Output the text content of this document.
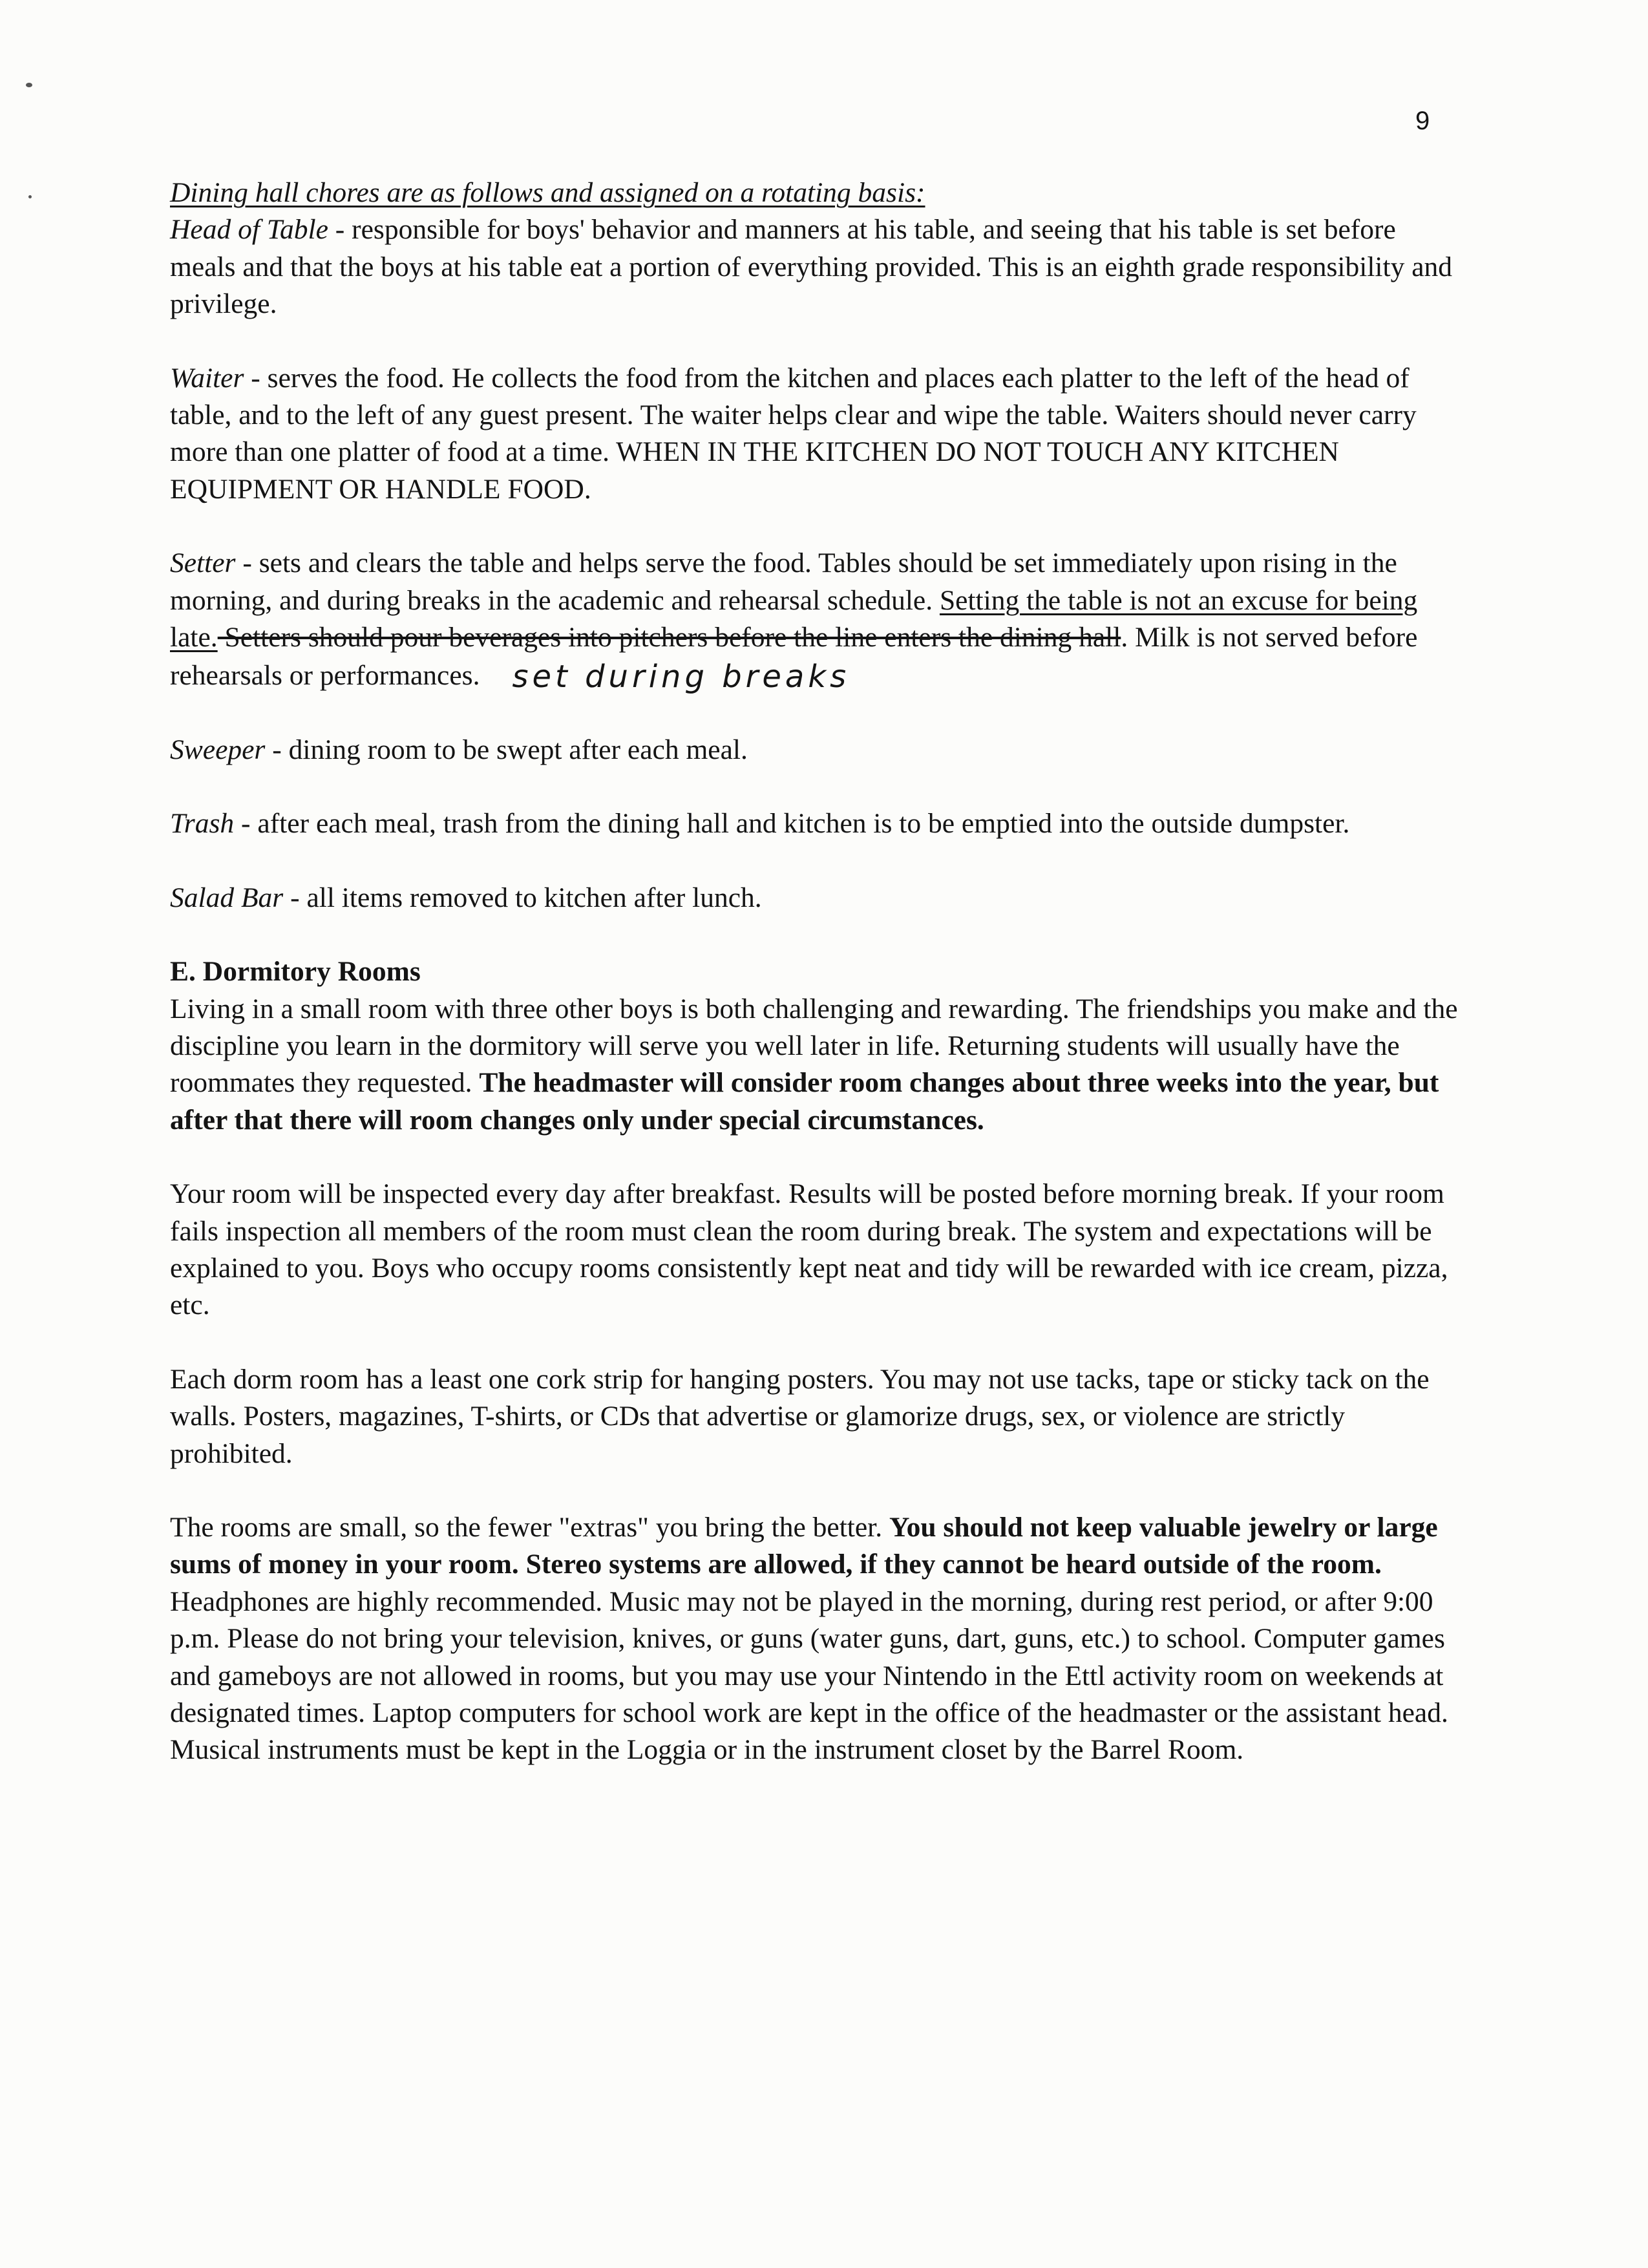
9

Dining hall chores are as follows and assigned on a rotating basis:

Head of Table - responsible for boys' behavior and manners at his table, and seeing that his table is set before meals and that the boys at his table eat a portion of everything provided. This is an eighth grade responsibility and privilege.

Waiter - serves the food. He collects the food from the kitchen and places each platter to the left of the head of table, and to the left of any guest present. The waiter helps clear and wipe the table. Waiters should never carry more than one platter of food at a time. WHEN IN THE KITCHEN DO NOT TOUCH ANY KITCHEN EQUIPMENT OR HANDLE FOOD.

Setter - sets and clears the table and helps serve the food. Tables should be set immediately upon rising in the morning, and during breaks in the academic and rehearsal schedule. Setting the table is not an excuse for being late. Setters should pour beverages into pitchers before the line enters the dining hall. Milk is not served before rehearsals or performances. set during breaks

Sweeper - dining room to be swept after each meal.

Trash - after each meal, trash from the dining hall and kitchen is to be emptied into the outside dumpster.

Salad Bar - all items removed to kitchen after lunch.

E. Dormitory Rooms

Living in a small room with three other boys is both challenging and rewarding. The friendships you make and the discipline you learn in the dormitory will serve you well later in life. Returning students will usually have the roommates they requested. The headmaster will consider room changes about three weeks into the year, but after that there will room changes only under special circumstances.

Your room will be inspected every day after breakfast. Results will be posted before morning break. If your room fails inspection all members of the room must clean the room during break. The system and expectations will be explained to you. Boys who occupy rooms consistently kept neat and tidy will be rewarded with ice cream, pizza, etc.

Each dorm room has a least one cork strip for hanging posters. You may not use tacks, tape or sticky tack on the walls. Posters, magazines, T-shirts, or CDs that advertise or glamorize drugs, sex, or violence are strictly prohibited.

The rooms are small, so the fewer "extras" you bring the better. You should not keep valuable jewelry or large sums of money in your room. Stereo systems are allowed, if they cannot be heard outside of the room. Headphones are highly recommended. Music may not be played in the morning, during rest period, or after 9:00 p.m. Please do not bring your television, knives, or guns (water guns, dart, guns, etc.) to school. Computer games and gameboys are not allowed in rooms, but you may use your Nintendo in the Ettl activity room on weekends at designated times. Laptop computers for school work are kept in the office of the headmaster or the assistant head. Musical instruments must be kept in the Loggia or in the instrument closet by the Barrel Room.
